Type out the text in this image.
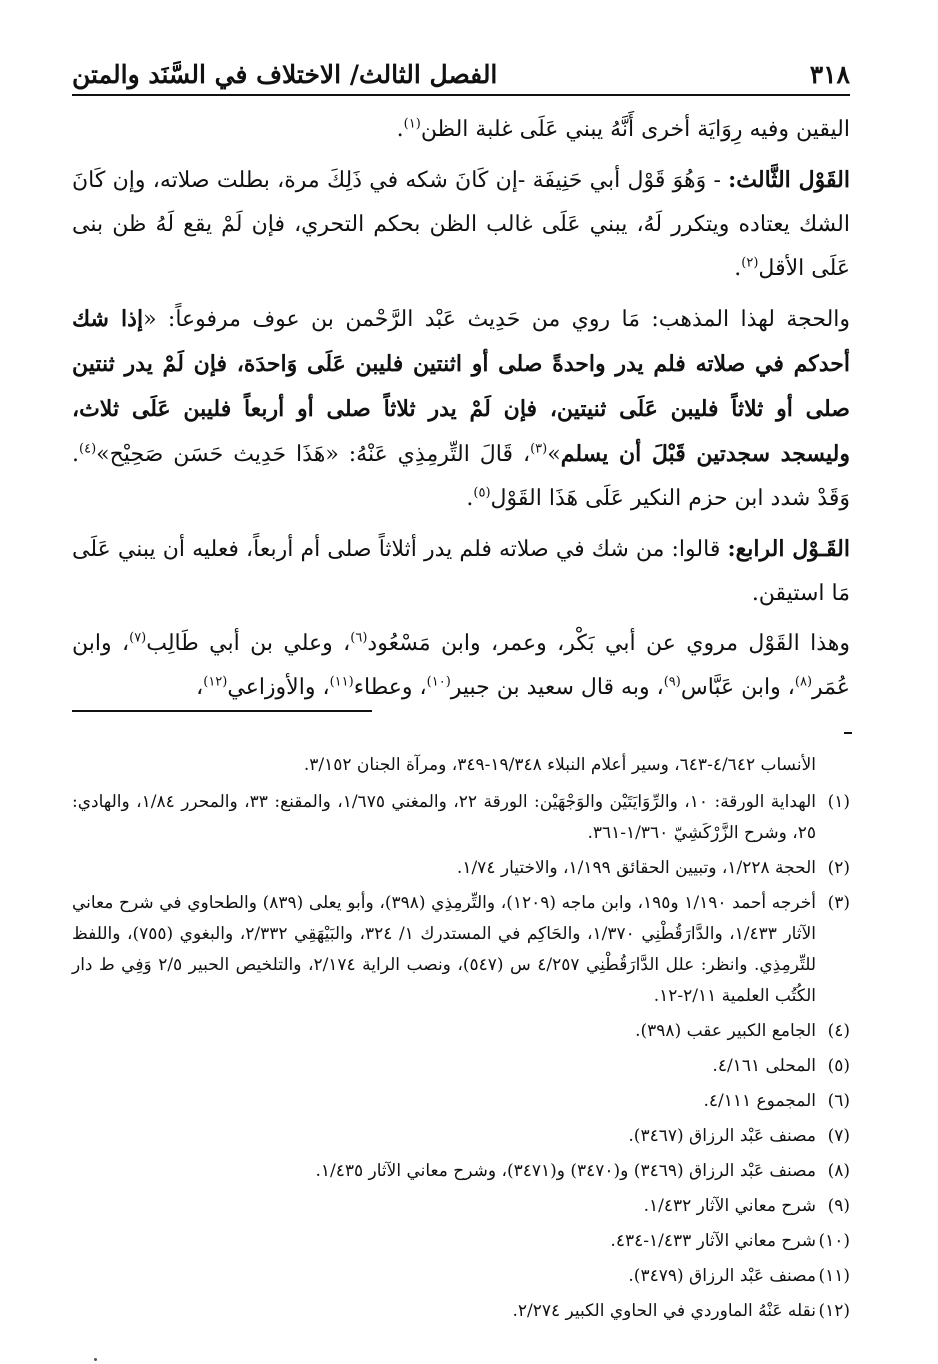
٣١٨
الفصل الثالث/ الاختلاف في السَّنَد والمتن

اليقين وفيه رِوَايَة أخرى أَنَّهُ يبني عَلَى غلبة الظن$^{(١)}$.

القَوْل الثَّالث: - وَهُوَ قَوْل أبي حَنِيفَة -إن كَانَ شكه في ذَلِكَ مرة، بطلت صلاته، وإن كَانَ الشك يعتاده ويتكرر لَهُ، يبني عَلَى غالب الظن بحكم التحري، فإن لَمْ يقع لَهُ ظن بنى عَلَى الأقل$^{(٢)}$.

والحجة لهذا المذهب: مَا روي من حَدِيث عَبْد الرَّحْمن بن عوف مرفوعاً: «إذا شك أحدكم في صلاته فلم يدر واحدةً صلى أو اثنتين فليبن عَلَى وَاحدَة، فإن لَمْ يدر ثنتين صلى أو ثلاثاً فليبن عَلَى ثنيتين، فإن لَمْ يدر ثلاثاً صلى أو أربعاً فليبن عَلَى ثلاث، وليسجد سجدتين قَبْلَ أن يسلم»$^{(٣)}$، قَالَ التِّرمِذِي عَنْهُ: «هَذَا حَدِيث حَسَن صَحِيْح»$^{(٤)}$. وَقَدْ شدد ابن حزم النكير عَلَى هَذَا القَوْل$^{(٥)}$.

القَـوْل الرابع: قالوا: من شك في صلاته فلم يدر أثلاثاً صلى أم أربعاً، فعليه أن يبني عَلَى مَا استيقن.

وهذا القَوْل مروي عن أبي بَكْر، وعمر، وابن مَسْعُود$^{(٦)}$، وعلي بن أبي طَالِب$^{(٧)}$، وابن عُمَر$^{(٨)}$، وابن عَبَّاس$^{(٩)}$، وبه قال سعيد بن جبير$^{(١٠)}$، وعطاء$^{(١١)}$، والأوزاعي$^{(١٢)}$،

الأنساب ٤/٦٤٢-٦٤٣، وسير أعلام النبلاء ١٩/٣٤٨-٣٤٩، ومرآة الجنان ٣/١٥٢.

(١)الهداية الورقة: ١٠، والرِّوَايَتَيْن والوَجْهَيْن: الورقة ٢٢، والمغني ١/٦٧٥، والمقنع: ٣٣، والمحرر ١/٨٤، والهادي: ٢٥، وشرح الزَّرْكَشِيّ ١/٣٦٠-٣٦١.

(٢)الحجة ١/٢٢٨، وتبيين الحقائق ١/١٩٩، والاختيار ١/٧٤.

(٣)أخرجه أحمد ١/١٩٠ و١٩٥، وابن ماجه (١٢٠٩)، والتِّرمِذِي (٣٩٨)، وأبو يعلى (٨٣٩) والطحاوي في شرح معاني الآثار ١/٤٣٣، والدَّارَقُطْنِي ١/٣٧٠، والحَاكِم في المستدرك ١/ ٣٢٤، والبَيْهَقِي ٢/٣٣٢، والبغوي (٧٥٥)، واللفظ للتِّرمِذِي. وانظر: علل الدَّارَقُطْنِي ٤/٢٥٧ س (٥٤٧)، ونصب الراية ٢/١٧٤، والتلخيص الحبير ٢/٥ وَفِي ط دار الكُتُب العلمية ٢/١١-١٢.

(٤)الجامع الكبير عقب (٣٩٨).

(٥)المحلى ٤/١٦١.

(٦)المجموع ٤/١١١.

(٧)مصنف عَبْد الرزاق (٣٤٦٧).

(٨)مصنف عَبْد الرزاق (٣٤٦٩) و(٣٤٧٠) و(٣٤٧١)، وشرح معاني الآثار ١/٤٣٥.

(٩)شرح معاني الآثار ١/٤٣٢.

(١٠)شرح معاني الآثار ١/٤٣٣-٤٣٤.

(١١)مصنف عَبْد الرزاق (٣٤٧٩).

(١٢)نقله عَنْهُ الماوردي في الحاوي الكبير ٢/٢٧٤.
